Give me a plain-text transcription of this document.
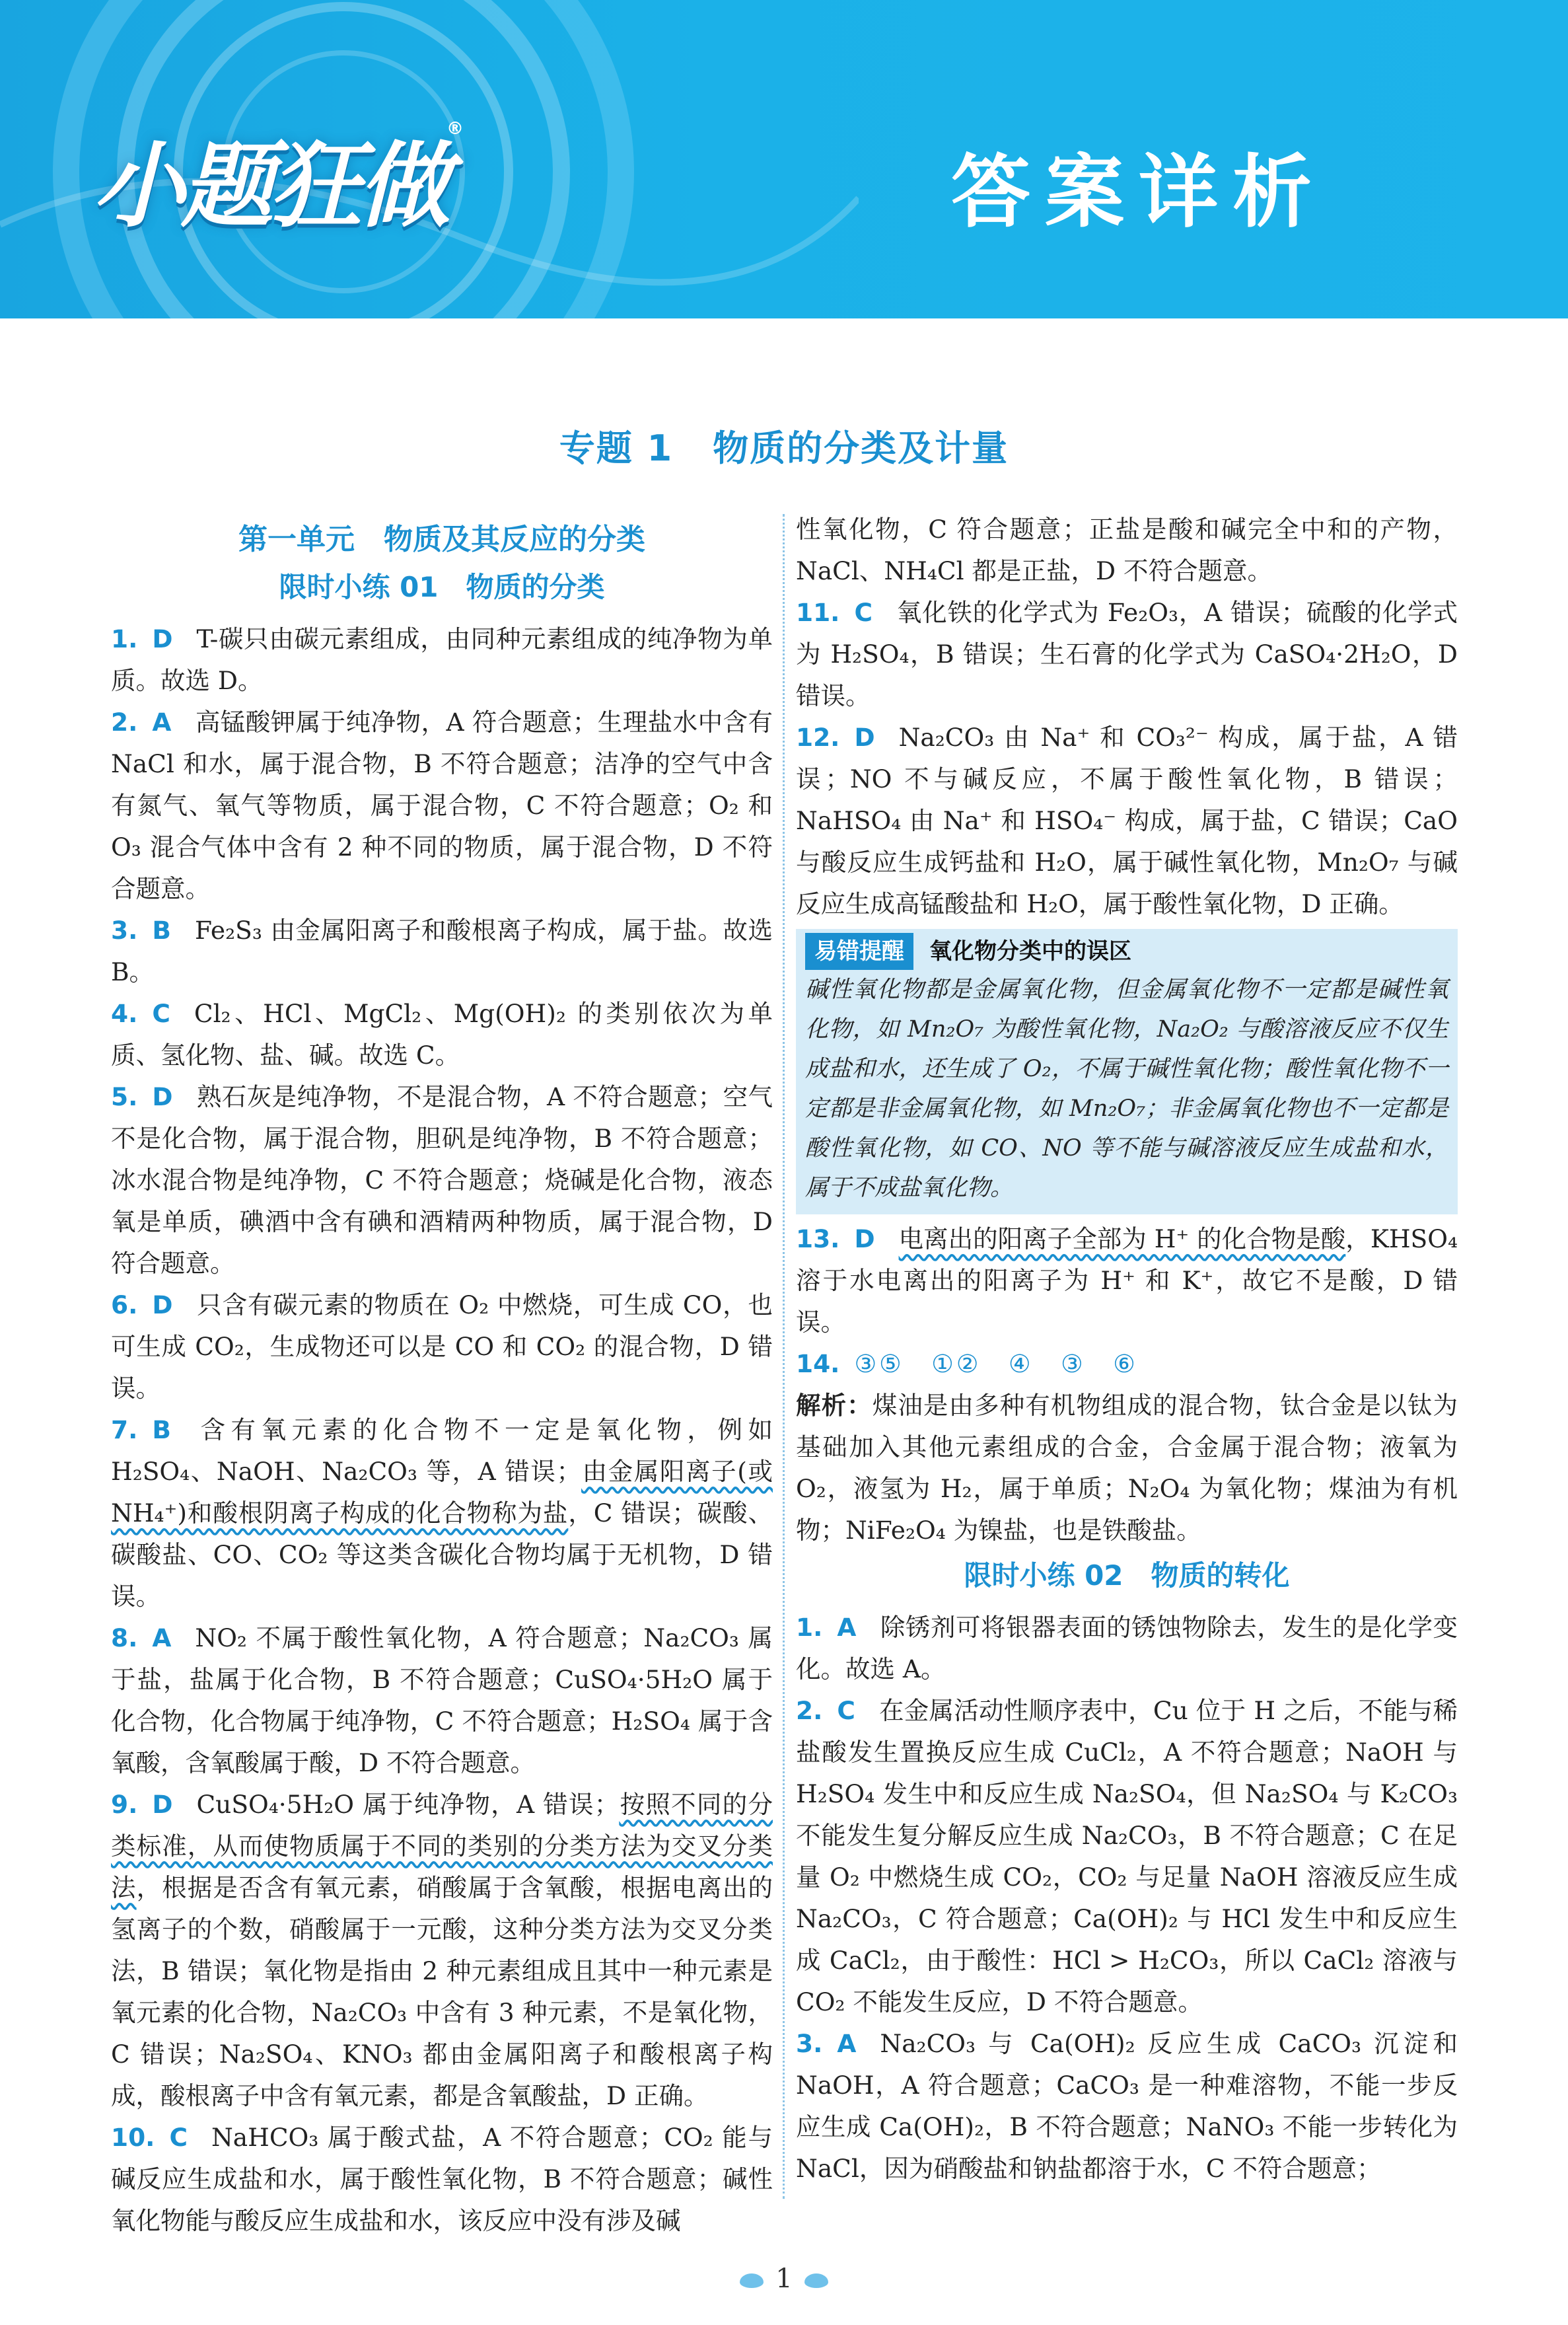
小题狂做®
答案详析
专题 1 物质的分类及计量
第一单元　物质及其反应的分类
限时小练 01　物质的分类

1. D T-碳只由碳元素组成，由同种元素组成的纯净物为单质。故选 D。

2. A 高锰酸钾属于纯净物，A 符合题意；生理盐水中含有 NaCl 和水，属于混合物，B 不符合题意；洁净的空气中含有氮气、氧气等物质，属于混合物，C 不符合题意；O₂ 和 O₃ 混合气体中含有 2 种不同的物质，属于混合物，D 不符合题意。

3. B Fe₂S₃ 由金属阳离子和酸根离子构成，属于盐。故选 B。

4. C Cl₂、HCl、MgCl₂、Mg(OH)₂ 的类别依次为单质、氢化物、盐、碱。故选 C。

5. D 熟石灰是纯净物，不是混合物，A 不符合题意；空气不是化合物，属于混合物，胆矾是纯净物，B 不符合题意；冰水混合物是纯净物，C 不符合题意；烧碱是化合物，液态氧是单质，碘酒中含有碘和酒精两种物质，属于混合物，D 符合题意。

6. D 只含有碳元素的物质在 O₂ 中燃烧，可生成 CO，也可生成 CO₂，生成物还可以是 CO 和 CO₂ 的混合物，D 错误。

7. B 含有氧元素的化合物不一定是氧化物，例如 H₂SO₄、NaOH、Na₂CO₃ 等，A 错误；由金属阳离子(或 NH₄⁺)和酸根阴离子构成的化合物称为盐，C 错误；碳酸、碳酸盐、CO、CO₂ 等这类含碳化合物均属于无机物，D 错误。

8. A NO₂ 不属于酸性氧化物，A 符合题意；Na₂CO₃ 属于盐，盐属于化合物，B 不符合题意；CuSO₄·5H₂O 属于化合物，化合物属于纯净物，C 不符合题意；H₂SO₄ 属于含氧酸，含氧酸属于酸，D 不符合题意。

9. D CuSO₄·5H₂O 属于纯净物，A 错误；按照不同的分类标准，从而使物质属于不同的类别的分类方法为交叉分类法，根据是否含有氧元素，硝酸属于含氧酸，根据电离出的氢离子的个数，硝酸属于一元酸，这种分类方法为交叉分类法，B 错误；氧化物是指由 2 种元素组成且其中一种元素是氧元素的化合物，Na₂CO₃ 中含有 3 种元素，不是氧化物，C 错误；Na₂SO₄、KNO₃ 都由金属阳离子和酸根离子构成，酸根离子中含有氧元素，都是含氧酸盐，D 正确。

10. C NaHCO₃ 属于酸式盐，A 不符合题意；CO₂ 能与碱反应生成盐和水，属于酸性氧化物，B 不符合题意；碱性氧化物能与酸反应生成盐和水，该反应中没有涉及碱

性氧化物，C 符合题意；正盐是酸和碱完全中和的产物，NaCl、NH₄Cl 都是正盐，D 不符合题意。

11. C 氧化铁的化学式为 Fe₂O₃，A 错误；硫酸的化学式为 H₂SO₄，B 错误；生石膏的化学式为 CaSO₄·2H₂O，D 错误。

12. D Na₂CO₃ 由 Na⁺ 和 CO₃²⁻ 构成，属于盐，A 错误；NO 不与碱反应，不属于酸性氧化物，B 错误；NaHSO₄ 由 Na⁺ 和 HSO₄⁻ 构成，属于盐，C 错误；CaO 与酸反应生成钙盐和 H₂O，属于碱性氧化物，Mn₂O₇ 与碱反应生成高锰酸盐和 H₂O，属于酸性氧化物，D 正确。

易错提醒 氧化物分类中的误区
碱性氧化物都是金属氧化物，但金属氧化物不一定都是碱性氧化物，如 Mn₂O₇ 为酸性氧化物，Na₂O₂ 与酸溶液反应不仅生成盐和水，还生成了 O₂，不属于碱性氧化物；酸性氧化物不一定都是非金属氧化物，如 Mn₂O₇；非金属氧化物也不一定都是酸性氧化物，如 CO、NO 等不能与碱溶液反应生成盐和水，属于不成盐氧化物。

13. D 电离出的阳离子全部为 H⁺ 的化合物是酸，KHSO₄ 溶于水电离出的阳离子为 H⁺ 和 K⁺，故它不是酸，D 错误。

14. ③⑤　①②　④　③　⑥

解析：煤油是由多种有机物组成的混合物，钛合金是以钛为基础加入其他元素组成的合金，合金属于混合物；液氧为 O₂，液氢为 H₂，属于单质；N₂O₄ 为氧化物；煤油为有机物；NiFe₂O₄ 为镍盐，也是铁酸盐。

限时小练 02　物质的转化

1. A 除锈剂可将银器表面的锈蚀物除去，发生的是化学变化。故选 A。

2. C 在金属活动性顺序表中，Cu 位于 H 之后，不能与稀盐酸发生置换反应生成 CuCl₂，A 不符合题意；NaOH 与 H₂SO₄ 发生中和反应生成 Na₂SO₄，但 Na₂SO₄ 与 K₂CO₃ 不能发生复分解反应生成 Na₂CO₃，B 不符合题意；C 在足量 O₂ 中燃烧生成 CO₂，CO₂ 与足量 NaOH 溶液反应生成 Na₂CO₃，C 符合题意；Ca(OH)₂ 与 HCl 发生中和反应生成 CaCl₂，由于酸性：HCl > H₂CO₃，所以 CaCl₂ 溶液与 CO₂ 不能发生反应，D 不符合题意。

3. A Na₂CO₃ 与 Ca(OH)₂ 反应生成 CaCO₃ 沉淀和 NaOH，A 符合题意；CaCO₃ 是一种难溶物，不能一步反应生成 Ca(OH)₂，B 不符合题意；NaNO₃ 不能一步转化为 NaCl，因为硝酸盐和钠盐都溶于水，C 不符合题意；

1
